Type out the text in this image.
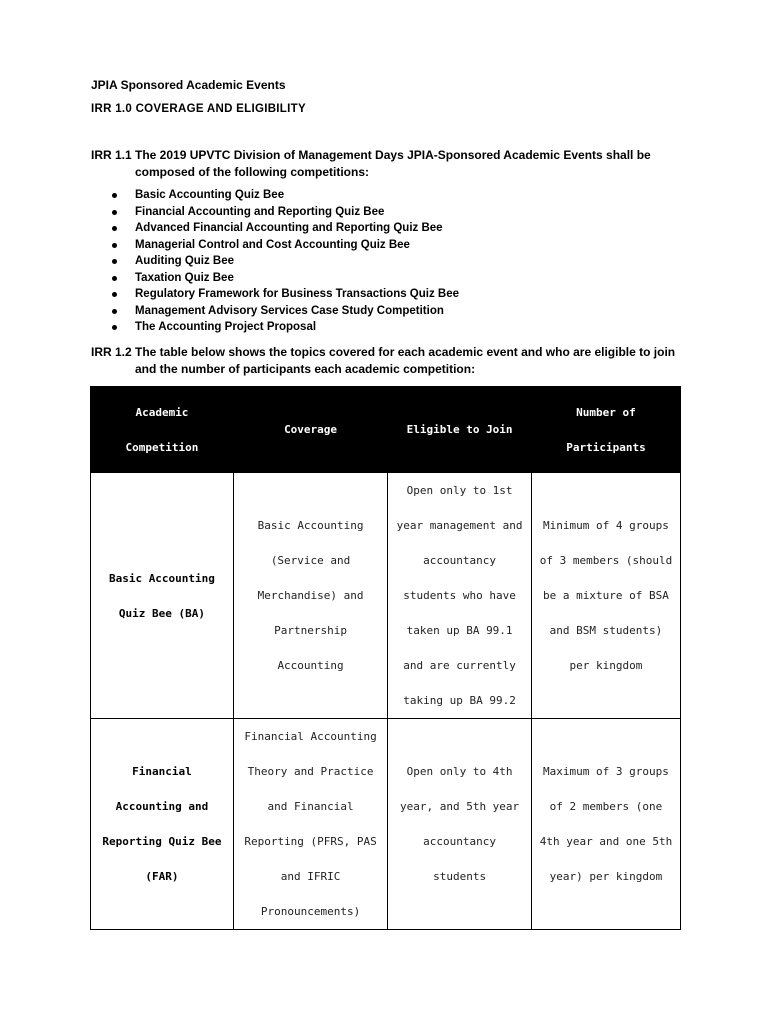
JPIA Sponsored Academic Events
IRR 1.0 COVERAGE AND ELIGIBILITY
IRR 1.1 The 2019 UPVTC Division of Management Days JPIA-Sponsored Academic Events shall be composed of the following competitions:
Basic Accounting Quiz Bee
Financial Accounting and Reporting Quiz Bee
Advanced Financial Accounting and Reporting Quiz Bee
Managerial Control and Cost Accounting Quiz Bee
Auditing Quiz Bee
Taxation Quiz Bee
Regulatory Framework for Business Transactions Quiz Bee
Management Advisory Services Case Study Competition
The Accounting Project Proposal
IRR 1.2 The table below shows the topics covered for each academic event and who are eligible to join and the number of participants each academic competition:
Academic Competition	Coverage	Eligible to Join	Number of Participants
Basic Accounting Quiz Bee (BA)	Basic Accounting (Service and Merchandise) and Partnership Accounting	Open only to 1st year management and accountancy students who have taken up BA 99.1 and are currently taking up BA 99.2	Minimum of 4 groups of 3 members (should be a mixture of BSA and BSM students) per kingdom
Financial Accounting and Reporting Quiz Bee (FAR)	Financial Accounting Theory and Practice and Financial Reporting (PFRS, PAS and IFRIC Pronouncements)	Open only to 4th year, and 5th year accountancy students	Maximum of 3 groups of 2 members (one 4th year and one 5th year) per kingdom
